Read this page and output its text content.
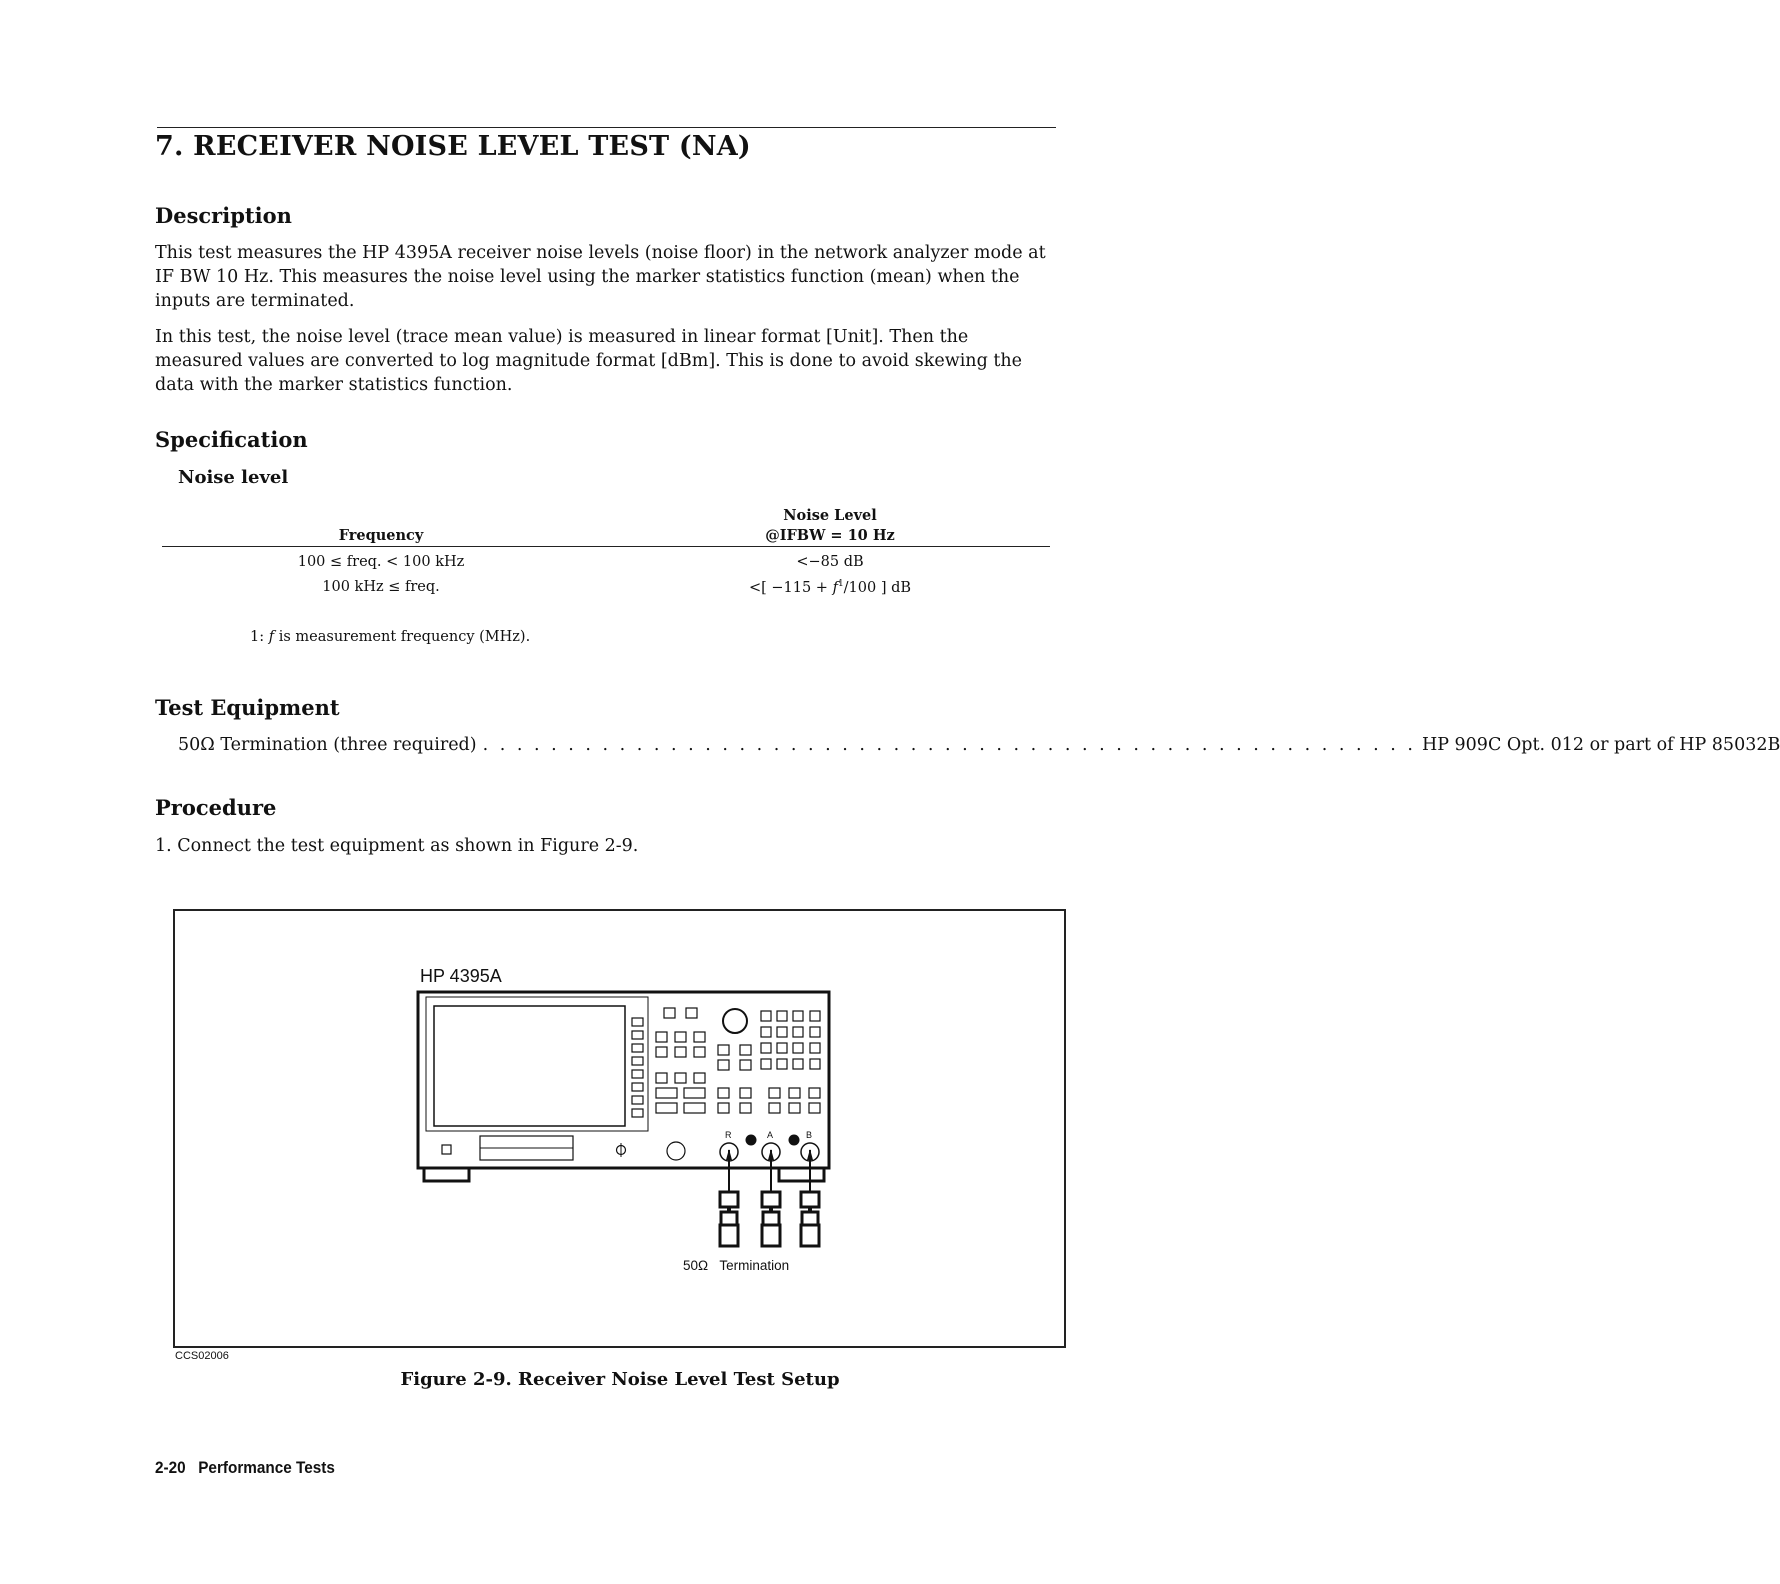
7. RECEIVER NOISE LEVEL TEST (NA)
Description

This test measures the HP 4395A receiver noise levels (noise floor) in the network analyzer mode at IF BW 10 Hz. This measures the noise level using the marker statistics function (mean) when the inputs are terminated.

In this test, the noise level (trace mean value) is measured in linear format [Unit]. Then the measured values are converted to log magnitude format [dBm]. This is done to avoid skewing the data with the marker statistics function.

Specification
Noise level
Noise Level
Frequency	@IFBW = 10 Hz
100 ≤ freq. < 100 kHz	<−85 dB
100 kHz ≤ freq.	<[ $-115 + f^1/100$ ] dB
1: f is measurement frequency (MHz).
Test Equipment
50Ω Termination (three required) . . . . . . . . . . . . . . . . . . . . . . . . . . . . . . . . . . . . . . . . . . . . . . . . . . . . . . . HP 909C Opt. 012 or part of HP 85032B
Procedure
1. Connect the test equipment as shown in Figure 2-9.
HP 4395A
R	A	B
50Ω   Termination
CCS02006
Figure 2-9. Receiver Noise Level Test Setup
2-20 Performance Tests
